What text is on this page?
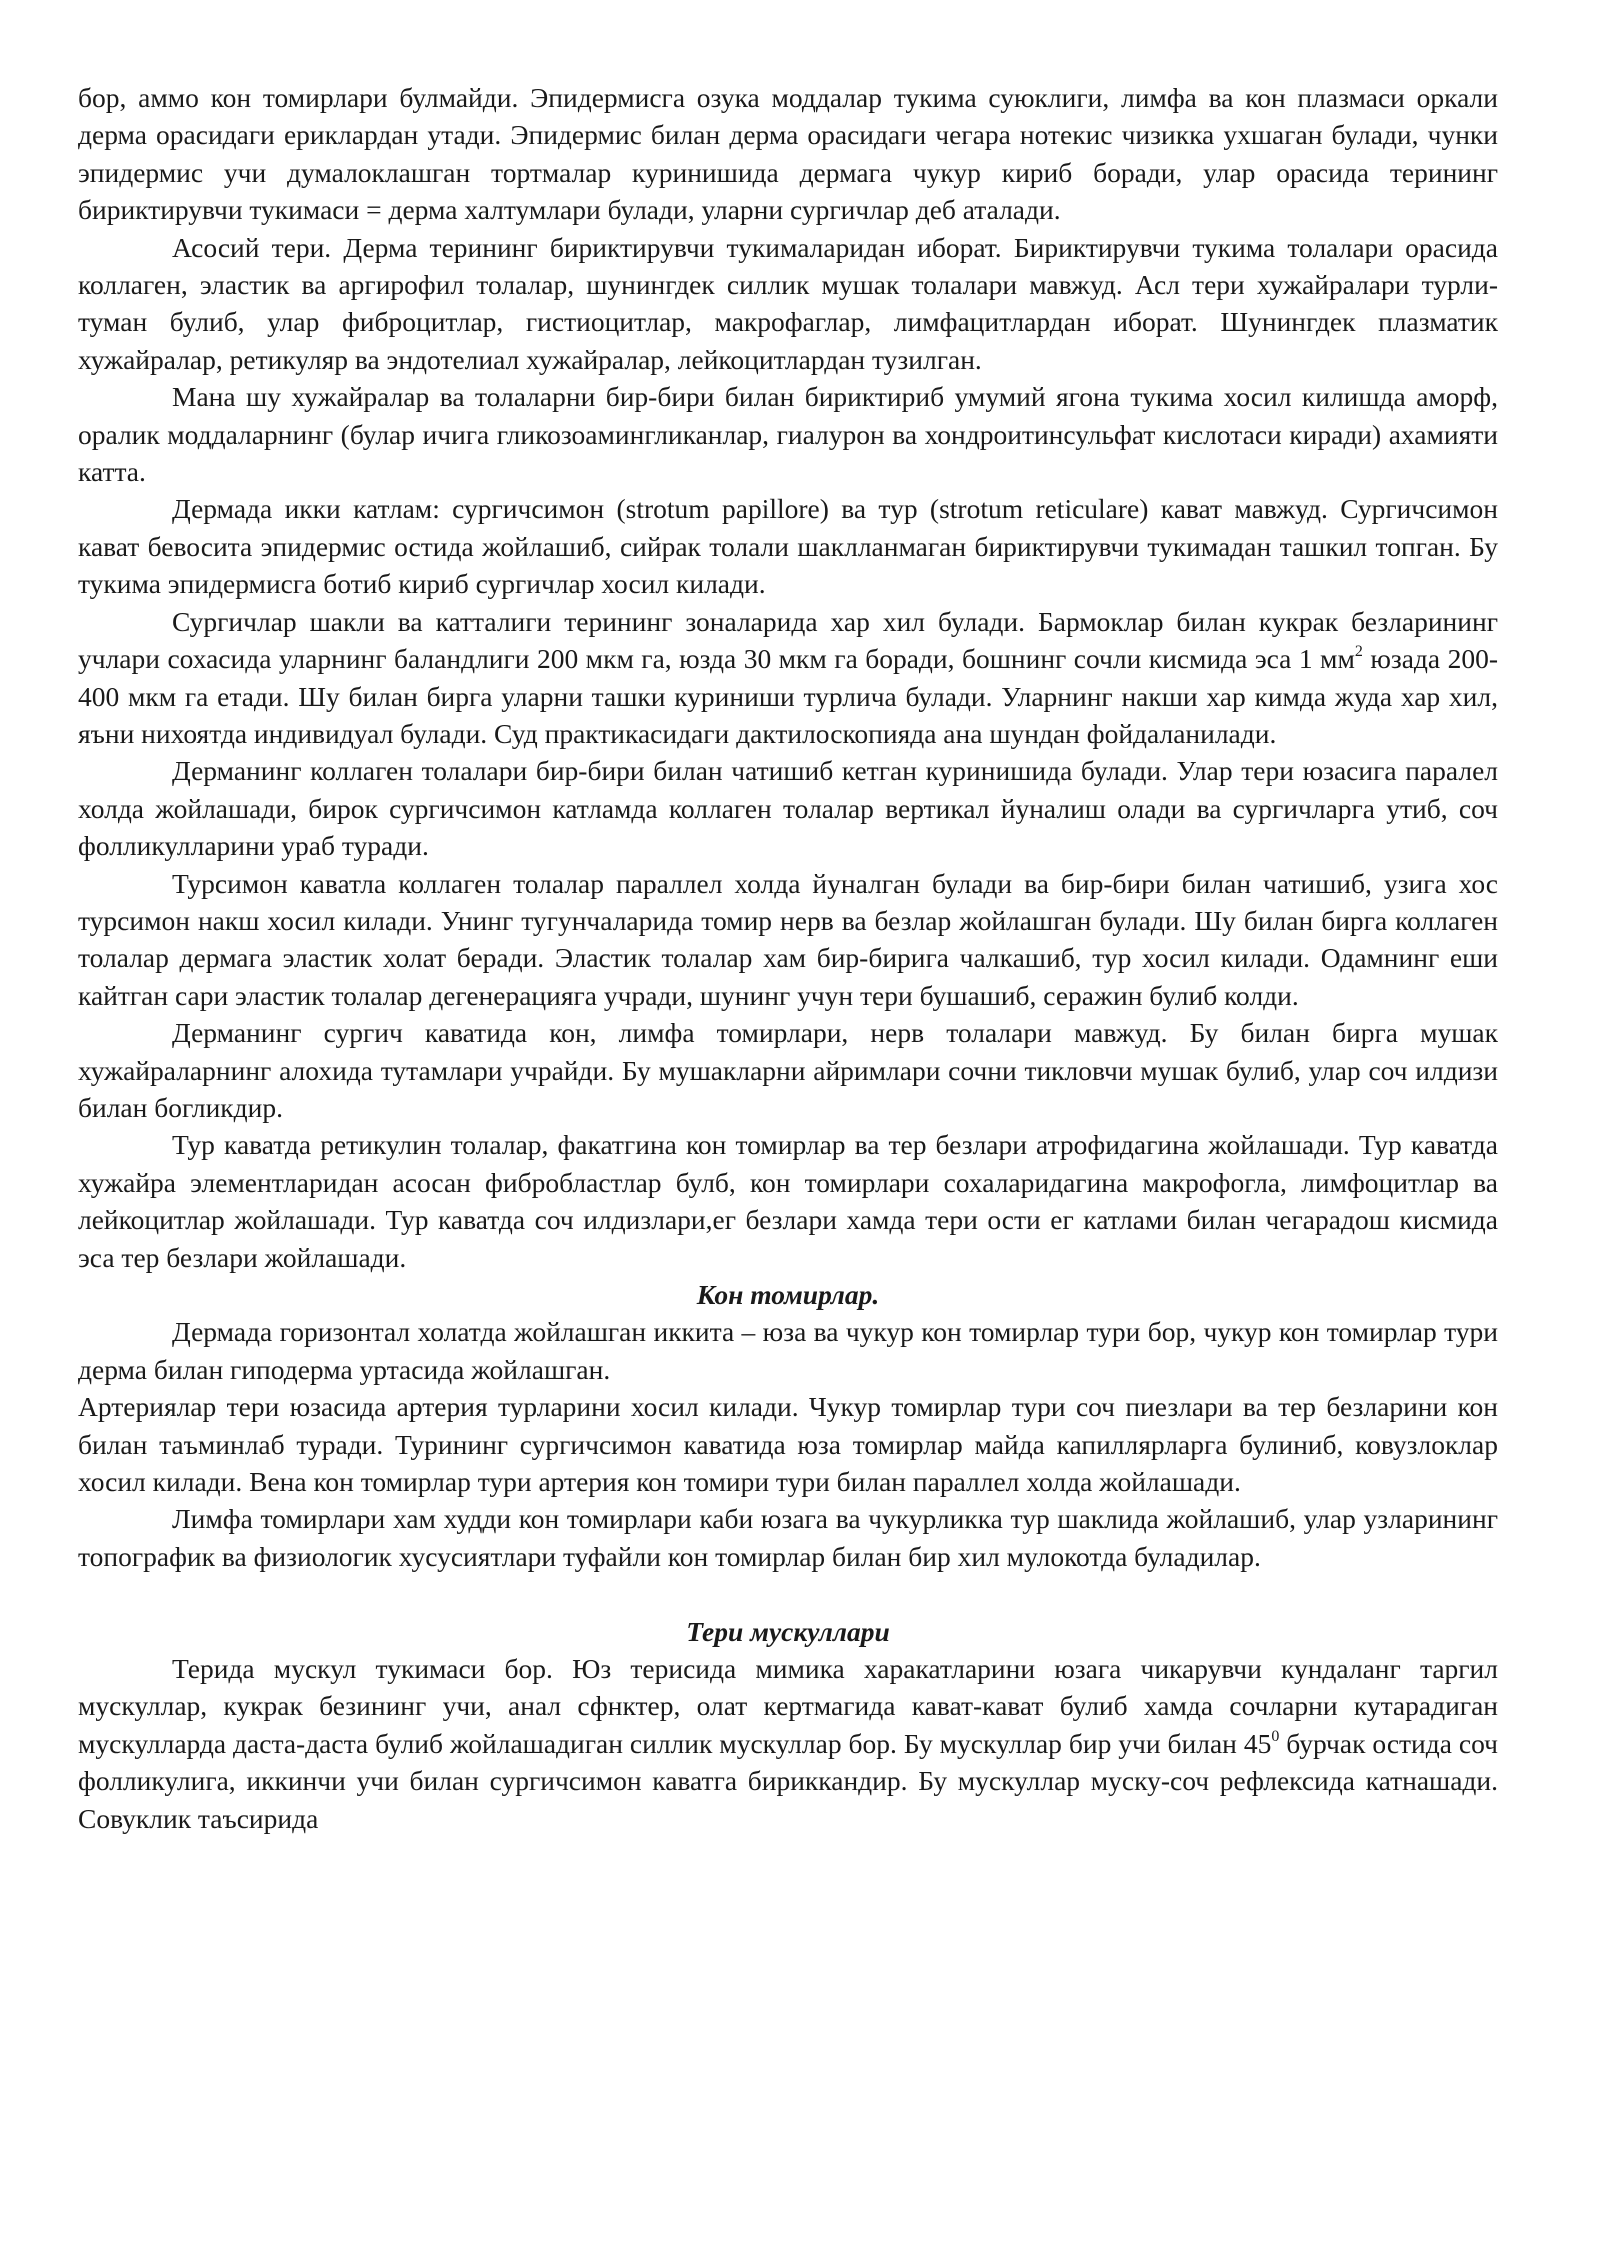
бор, аммо кон томирлари булмайди. Эпидермисга озука моддалар тукима суюклиги, лимфа ва кон плазмаси оркали дерма орасидаги ериклардан утади. Эпидермис билан дерма орасидаги чегара нотекис чизикка ухшаган булади, чунки эпидермис учи думалоклашган тортмалар куринишида дермага чукур кириб боради, улар орасида терининг бириктирувчи тукимаси = дерма халтумлари булади, уларни сургичлар деб аталади.

Асосий тери. Дерма терининг бириктирувчи тукималаридан иборат. Бириктирувчи тукима толалари орасида коллаген, эластик ва аргирофил толалар, шунингдек силлик мушак толалари мавжуд. Асл тери хужайралари турли-туман булиб, улар фиброцитлар, гистиоцитлар, макрофаглар, лимфацитлардан иборат. Шунингдек плазматик хужайралар, ретикуляр ва эндотелиал хужайралар, лейкоцитлардан тузилган.

Мана шу хужайралар ва толаларни бир-бири билан бириктириб умумий ягона тукима хосил килишда аморф, оралик моддаларнинг (булар ичига гликозоамингликанлар, гиалурон ва хондроитинсульфат кислотаси киради) ахамияти катта.

Дермада икки катлам: сургичсимон (strotum papillore) ва тур (strotum reticulare) кават мавжуд. Сургичсимон кават бевосита эпидермис остида жойлашиб, сийрак толали шаклланмаган бириктирувчи тукимадан ташкил топган. Бу тукима эпидермисга ботиб кириб сургичлар хосил килади.

Сургичлар шакли ва катталиги терининг зоналарида хар хил булади. Бармоклар билан кукрак безларининг учлари сохасида уларнинг баландлиги 200 мкм га, юзда 30 мкм га боради, бошнинг сочли кисмида эса 1 $мм^2$ юзада 200-400 мкм га етади. Шу билан бирга уларни ташки куриниши турлича булади. Уларнинг накши хар кимда жуда хар хил, яъни нихоятда индивидуал булади. Суд практикасидаги дактилоскопияда ана шундан фойдаланилади.

Дерманинг коллаген толалари бир-бири билан чатишиб кетган куринишида булади. Улар тери юзасига паралел холда жойлашади, бирок сургичсимон катламда коллаген толалар вертикал йуналиш олади ва сургичларга утиб, соч фолликулларини ураб туради.

Турсимон каватла коллаген толалар параллел холда йуналган булади ва бир-бири билан чатишиб, узига хос турсимон накш хосил килади. Унинг тугунчаларида томир нерв ва безлар жойлашган булади. Шу билан бирга коллаген толалар дермага эластик холат беради. Эластик толалар хам бир-бирига чалкашиб, тур хосил килади. Одамнинг еши кайтган сари эластик толалар дегенерацияга учради, шунинг учун тери бушашиб, серажин булиб колди.

Дерманинг сургич каватида кон, лимфа томирлари, нерв толалари мавжуд. Бу билан бирга мушак хужайраларнинг алохида тутамлари учрайди. Бу мушакларни айримлари сочни тикловчи мушак булиб, улар соч илдизи билан богликдир.

Тур каватда ретикулин толалар, факатгина кон томирлар ва тер безлари атрофидагина жойлашади. Тур каватда хужайра элементларидан асосан фибробластлар булб, кон томирлари сохаларидагина макрофогла, лимфоцитлар ва лейкоцитлар жойлашади. Тур каватда соч илдизлари,ег безлари хамда тери ости ег катлами билан чегарадош кисмида эса тер безлари жойлашади.

Кон томирлар.

Дермада горизонтал холатда жойлашган иккита – юза ва чукур кон томирлар тури бор, чукур кон томирлар тури дерма билан гиподерма уртасида жойлашган.

Артериялар тери юзасида артерия турларини хосил килади. Чукур томирлар тури соч пиезлари ва тер безларини кон билан таъминлаб туради. Турининг сургичсимон каватида юза томирлар майда капиллярларга булиниб, ковузлоклар хосил килади. Вена кон томирлар тури артерия кон томири тури билан параллел холда жойлашади.

Лимфа томирлари хам худди кон томирлари каби юзага ва чукурликка тур шаклида жойлашиб, улар узларининг топографик ва физиологик хусусиятлари туфайли кон томирлар билан бир хил мулокотда буладилар.

Тери мускуллари

Терида мускул тукимаси бор. Юз терисида мимика харакатларини юзага чикарувчи кундаланг таргил мускуллар, кукрак безининг учи, анал сфнктер, олат кертмагида кават-кават булиб хамда сочларни кутарадиган мускулларда даста-даста булиб жойлашадиган силлик мускуллар бор. Бу мускуллар бир учи билан $45^0$ бурчак остида соч фолликулига, иккинчи учи билан сургичсимон каватга бириккандир. Бу мускуллар муску-соч рефлексида катнашади. Совуклик таъсирида
